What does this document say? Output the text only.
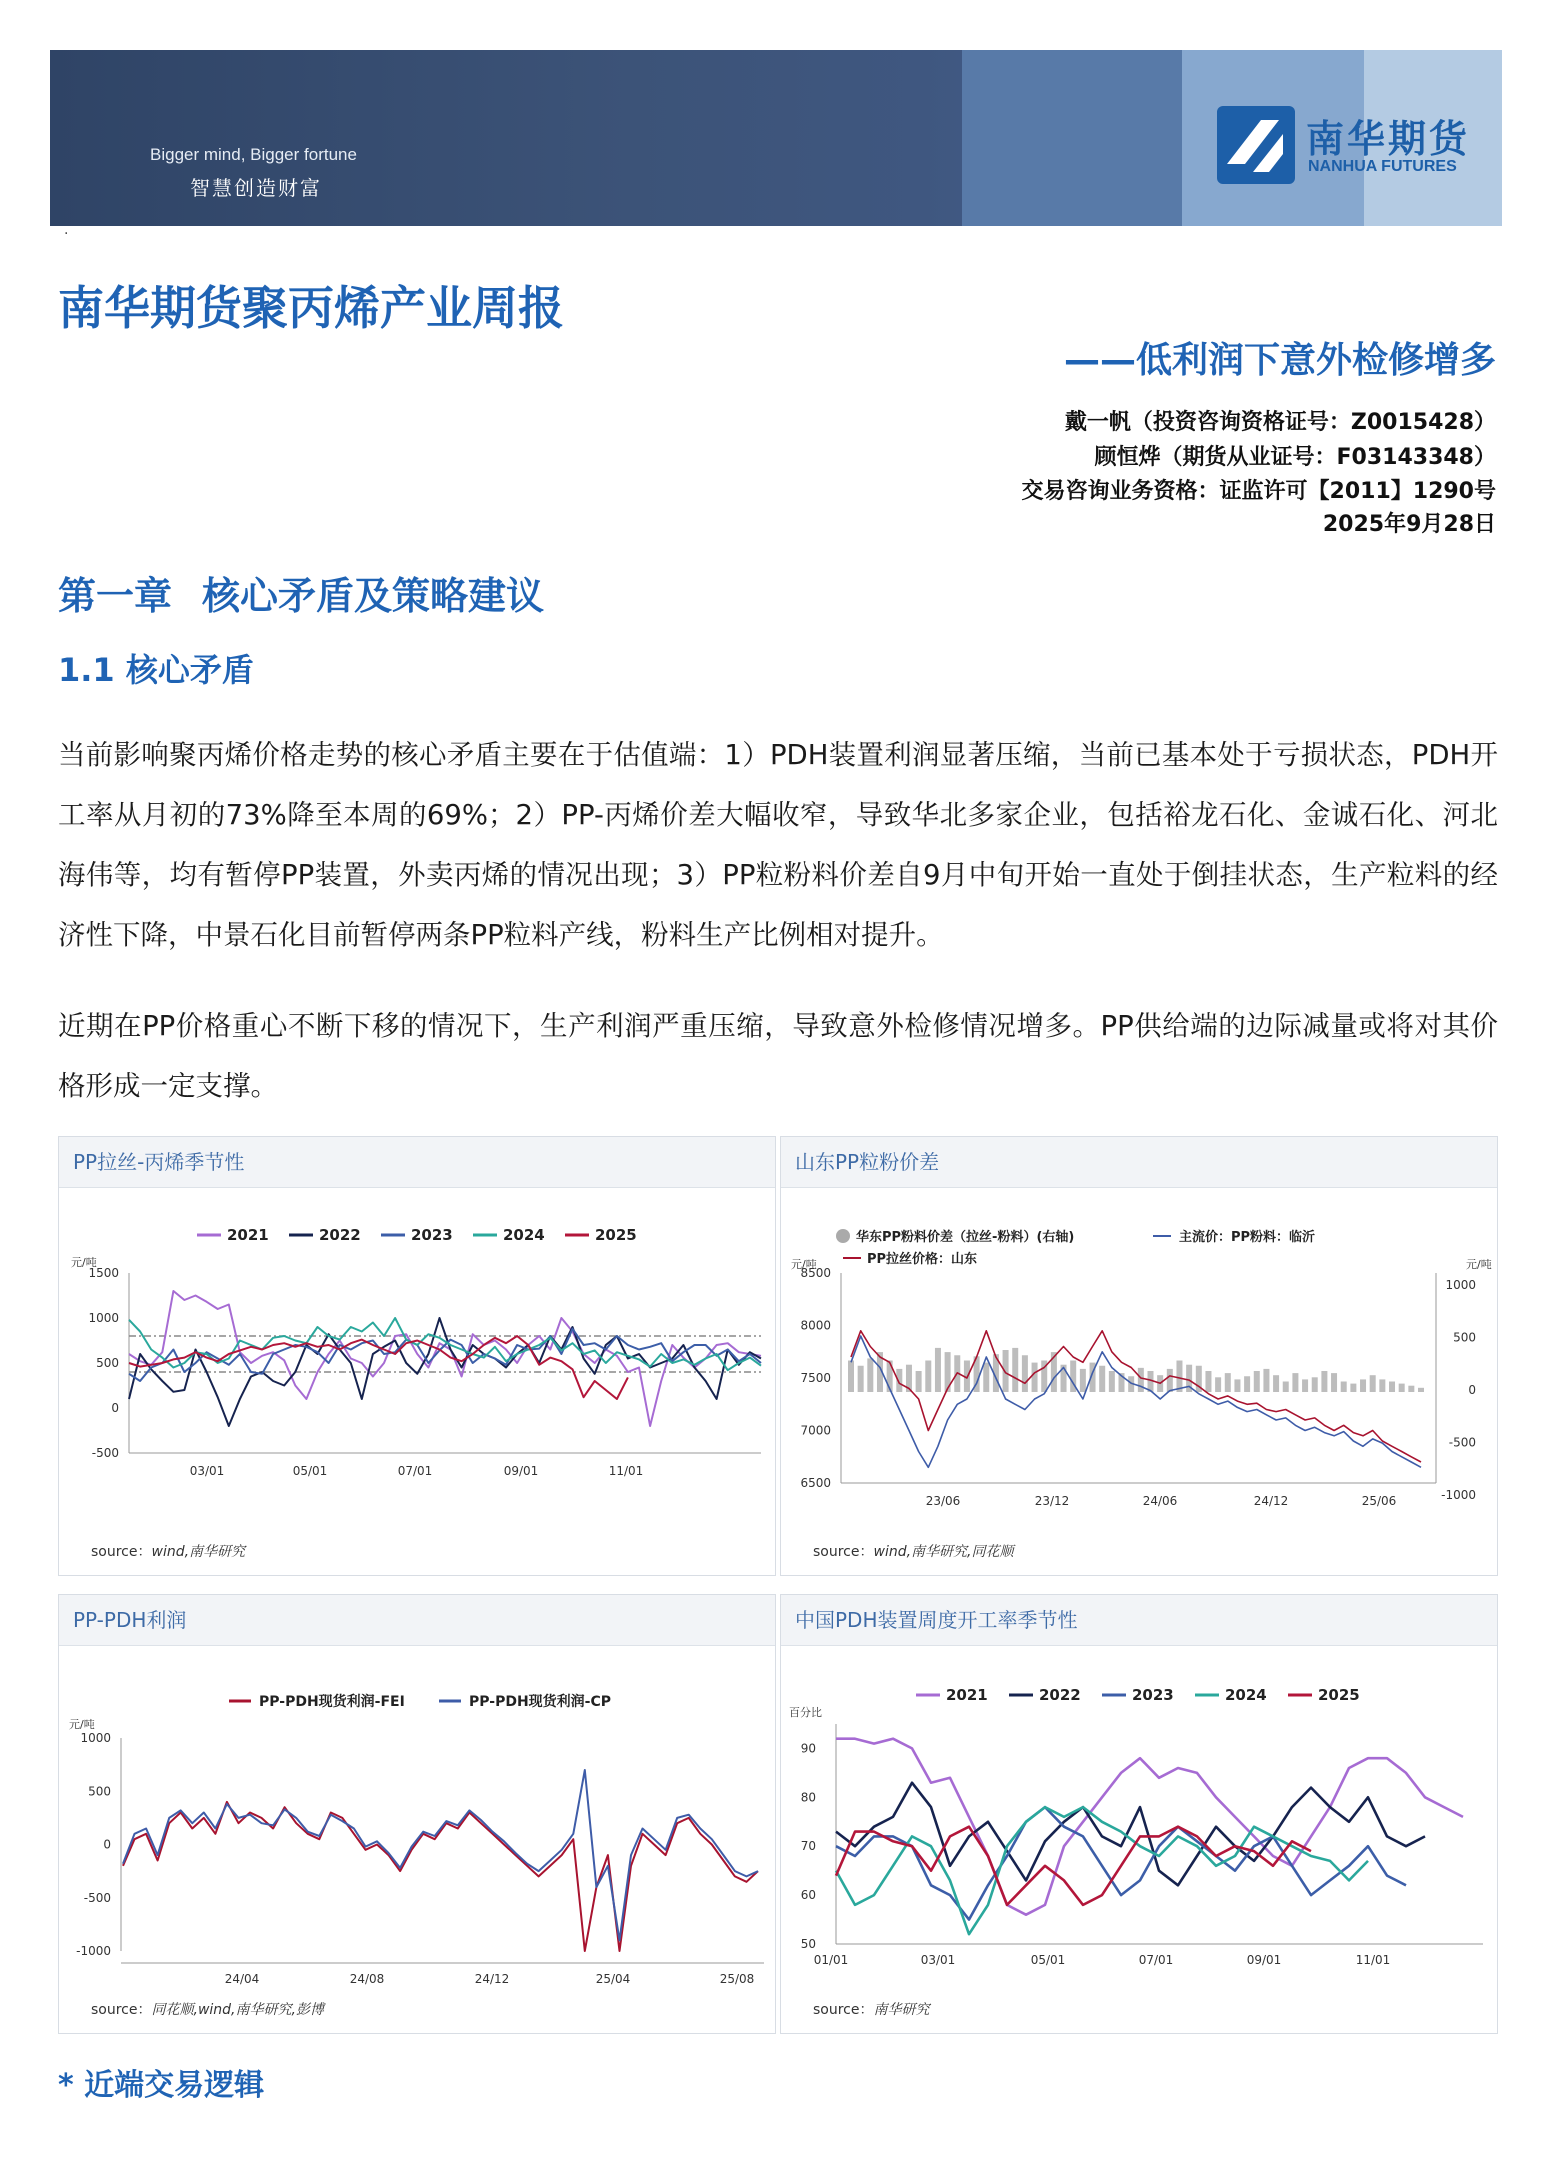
Bigger mind, Bigger fortune
智慧创造财富
南华期货
NANHUA FUTURES
·
南华期货聚丙烯产业周报
——低利润下意外检修增多
戴一帆（投资咨询资格证号：Z0015428）
顾恒烨（期货从业证号：F03143348）
交易咨询业务资格：证监许可【2011】1290号
2025年9月28日
第一章 核心矛盾及策略建议
1.1 核心矛盾
当前影响聚丙烯价格走势的核心矛盾主要在于估值端：1）PDH装置利润显著压缩，当前已基本处于亏损状态，PDH开工率从月初的73%降至本周的69%；2）PP-丙烯价差大幅收窄，导致华北多家企业，包括裕龙石化、金诚石化、河北海伟等，均有暂停PP装置，外卖丙烯的情况出现；3）PP粒粉料价差自9月中旬开始一直处于倒挂状态，生产粒料的经济性下降，中景石化目前暂停两条PP粒料产线，粉料生产比例相对提升。
近期在PP价格重心不断下移的情况下，生产利润严重压缩，导致意外检修情况增多。PP供给端的边际减量或将对其价格形成一定支撑。
PP拉丝-丙烯季节性
元/吨
1500
1000
500
0
-500
03/01	05/01	07/01	09/01	11/01
2021	2022	2023	2024	2025
source：wind,南华研究
山东PP粒粉价差
元/吨	元/吨
8500
8000
7500
7000
6500
1000
500
0
-500
-1000
23/06	23/12	24/06	24/12	25/06
华东PP粉料价差（拉丝-粉料）(右轴)	主流价：PP粉料：临沂
PP拉丝价格：山东
source：wind,南华研究,同花顺
PP-PDH利润
元/吨
1000
500
0
-500
-1000
24/04	24/08	24/12	25/04	25/08
PP-PDH现货利润-FEI	PP-PDH现货利润-CP
source：同花顺,wind,南华研究,彭博
中国PDH装置周度开工率季节性
百分比
90
80
70
60
50
01/01	03/01	05/01	07/01	09/01	11/01
2021	2022	2023	2024	2025
source：南华研究
* 近端交易逻辑
